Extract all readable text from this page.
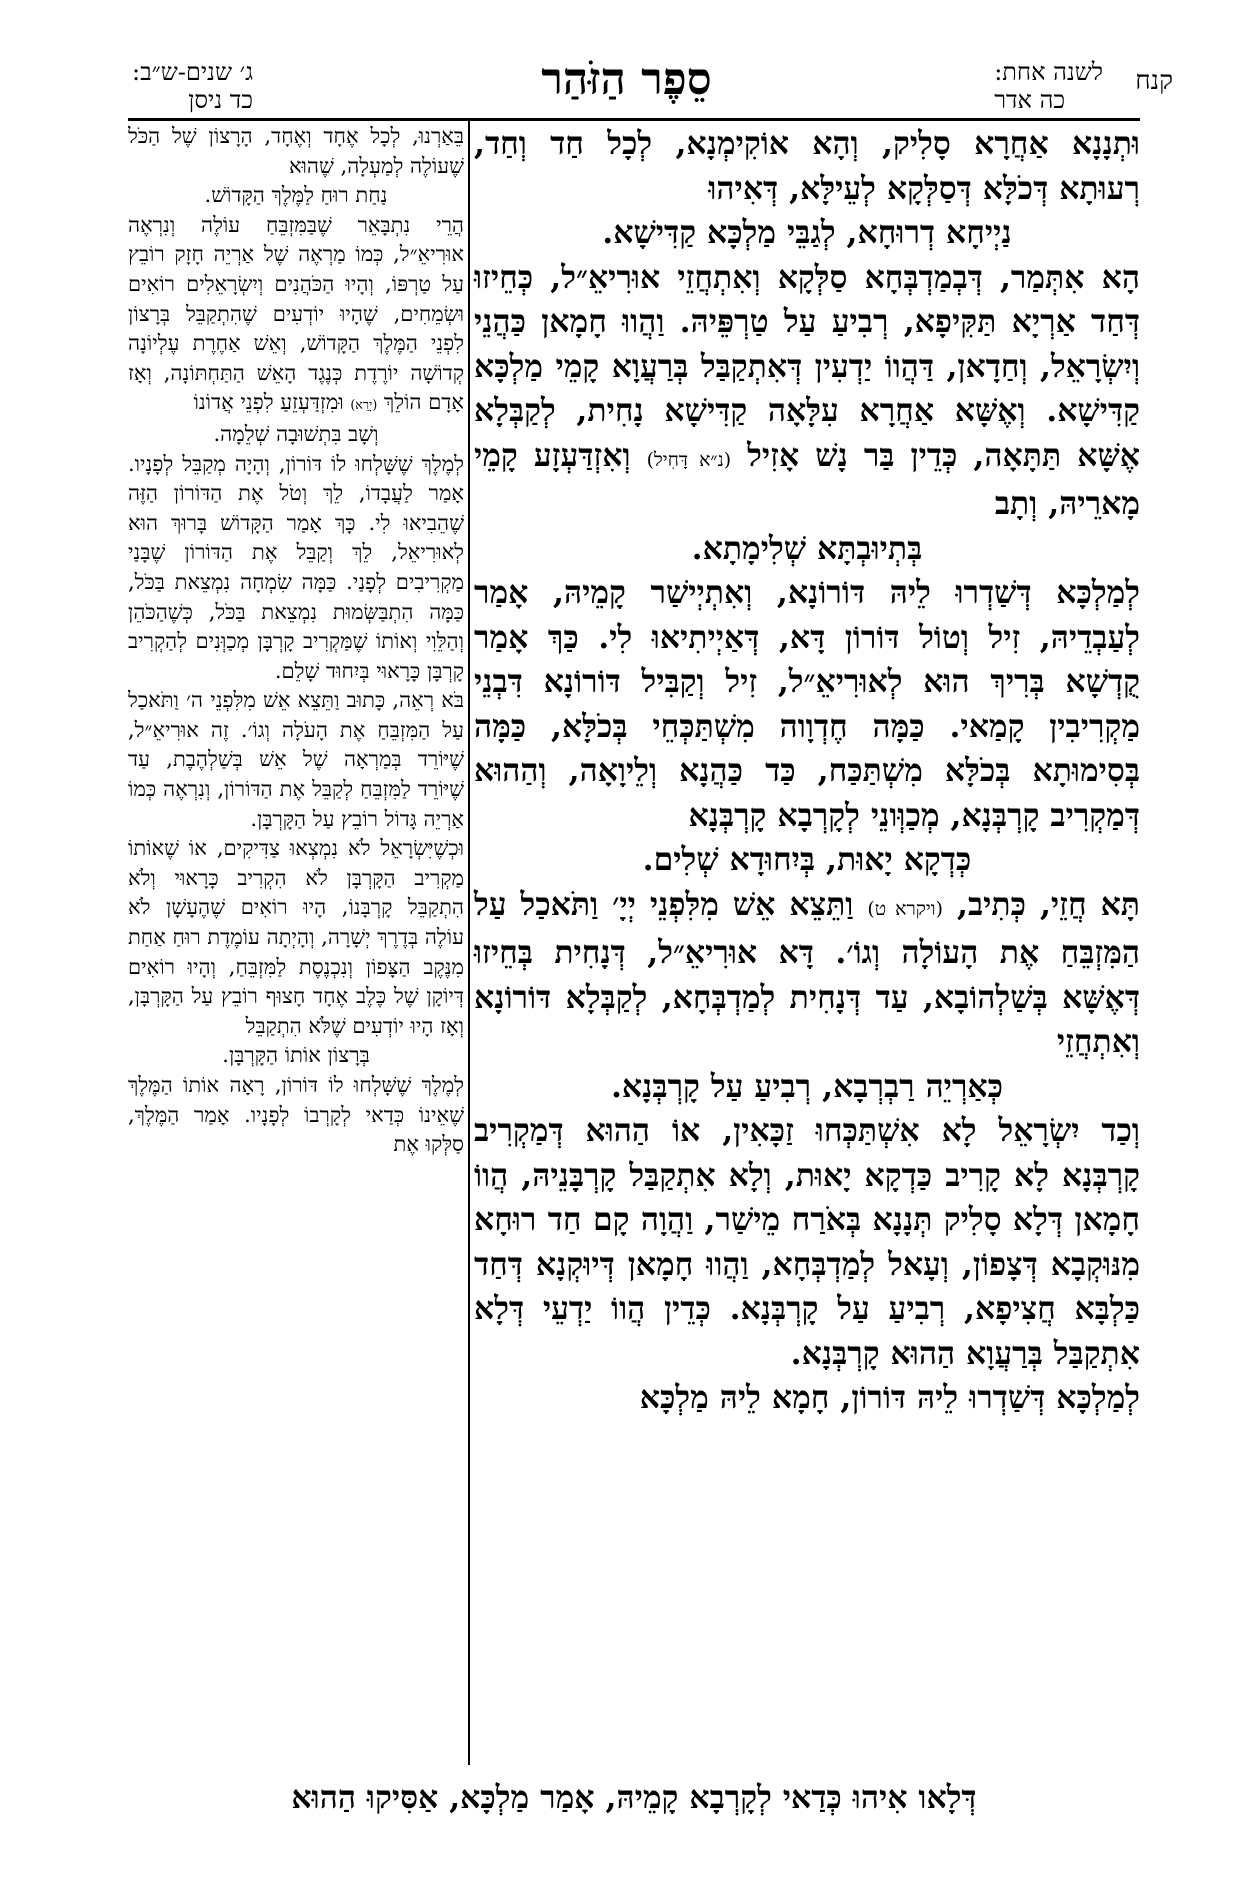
קנח
לשנה אחת:
כה אדר
סֵפֶר הַזֹּהַר
ג׳ שנים-ש״ב:
כד ניסן

וּתְנָנָא אַחֲרָא סָלִיק, וְהָא אוֹקִימְנָא, לְכָל חַד וְחַד, רְעוּתָא דְּכֹלָּא דְּסַלְּקָא לְעֵילָּא, דְּאִיהוּ

נַיְיחָא דְרוּחָא, לְגַבֵּי מַלְכָּא קַדִּישָׁא.

הָא אִתְּמַר, דְּבְמַדְבְּחָא סַלְּקָא וְאִתְחֲזֵי אוּרִיאֵ״ל, כְּחֵיזוּ דְּחַד אַרְיָא תַּקִּיפָא, רְבִיעַ עַל טַרְפֵּיהּ. וַהֲווּ חָמָאן כַּהֲנֵי וְיִשְׂרָאֵל, וְחַדָאן, דַּהֲווֹ יַדְעִין דְּאִתְקַבַּל בְּרַעֲוָא קָמֵי מַלְכָּא קַדִּישָׁא. וְאֶשָּׁא אַחֲרָא עִלָּאָה קַדִּישָׁא נָחִית, לְקַבְּלָא אֶשָּׁא תַּתָּאָה, כְּדֵין בַּר נָשׁ אָזִיל (נ״א דָּחִיל) וְאִזְדַּעְזָע קָמֵי מָארֵיהּ, וְתָב

בְּתְיוּבְתָּא שְׁלִימָתָא.

לְמַלְכָּא דְּשַׁדְרוּ לֵיהּ דּוֹרוֹנָא, וְאִתְיְישַׁר קָמֵיהּ, אָמַר לְעַבְדֵיהּ, זִיל וְטוֹל דּוֹרוֹן דָּא, דְּאַיְיתִיאוּ לִי. כַּךְ אָמַר קֻדְשָׁא בְּרִיךְ הוּא לְאוּרִיאֵ״ל, זִיל וְקַבִּיל דּוֹרוֹנָא דִּבְנֵי מַקְרִיבִין קָמַאי. כַּמָּה חֶדְוָוה מִשְׁתַּכְּחֵי בְּכֹלָּא, כַּמָּה בְּסִימוּתָא בְּכֹלָּא מִשְׁתַּכַּח, כַּד כַּהֲנָא וְלֵיוָאָה, וְהַהוּא דְּמַקְרִיב קָרְבְּנָא, מְכַוְּונֵי לְקָרְבָא קָרְבְּנָא

כְּדְקָא יָאוּת, בְּיִחוּדָא שְׁלִים.

תָּא חֲזֵי, כְּתִיב, (ויקרא ט) וַתֵּצֵא אֵשׁ מִלִּפְנֵי יְיָ׳ וַתֹּאכַל עַל הַמִּזְבֵּחַ אֶת הָעוֹלָה וְגוֹ׳. דָּא אוּרִיאֵ״ל, דְּנָחִית בְּחֵיזוּ דְּאֶשָּׁא בְּשַׁלְהוֹבָא, עַד דְּנָחִית לְמַדְבְּחָא, לְקַבְּלָא דּוֹרוֹנָא וְאִתְחֲזֵי

כְּאַרְיֵה רַבְרְבָא, רְבִיעַ עַל קָרְבְּנָא.

וְכַד יִשְׂרָאֵל לָא אִשְׁתַּכְּחוּ זַכָּאִין, אוֹ הַהוּא דְּמַקְרִיב קָרְבְּנָא לָא קָרִיב כַּדְקָא יָאוּת, וְלָא אִתְקַבַּל קָרְבָּנֵיהּ, הֲווֹ חָמָאן דְּלָא סָלִיק תְּנָנָא בְּאֹרַח מֵישַׁר, וַהֲוָה קָם חַד רוּחָא מִנּוּקְבָא דְּצָפוֹן, וְעָאל לְמַדְבְּחָא, וַהֲווּ חָמָאן דְּיוּקְנָא דְּחַד כַּלְבָּא חֲצִיפָא, רְבִיעַ עַל קָרְבְּנָא. כְּדֵין הֲווֹ יַדְעֵי דְּלָא אִתְקַבַּל בְּרַעֲוָא הַהוּא קָרְבְּנָא.

לְמַלְכָּא דְּשַׁדְרוּ לֵיהּ דּוֹרוֹן, חָמָא לֵיהּ מַלְכָּא

בֵּאַרְנוּ, לְכָל אֶחָד וְאֶחָד, הָרָצוֹן שֶׁל הַכֹּל שֶׁעוֹלֶה לְמַעְלָה, שֶׁהוּא

נַחַת רוּחַ לַמֶּלֶךְ הַקָּדוֹשׁ.

הֲרֵי נִתְבָּאֵר שֶׁבַּמִּזְבֵּחַ עוֹלֶה וְנִרְאֶה אוּרִיאֵ״ל, כְּמוֹ מַרְאֶה שֶׁל אַרְיֵה חָזָק רוֹבֵץ עַל טַרְפּוֹ, וְהָיוּ הַכֹּהֲנִים וְיִשְׂרָאֵלִים רוֹאִים וּשְׂמֵחִים, שֶׁהָיוּ יוֹדְעִים שֶׁהִתְקַבֵּל בְּרָצוֹן לִפְנֵי הַמֶּלֶךְ הַקָּדוֹשׁ, וְאֵשׁ אַחֶרֶת עֶלְיוֹנָה קְדוֹשָׁה יוֹרֶדֶת כְּנֶגֶד הָאֵשׁ הַתַּחְתּוֹנָה, וְאָז אָדָם הוֹלֵךְ (יָרֵא) וּמִזְדַּעְזֵעַ לִפְנֵי אֲדוֹנוֹ

וְשָׁב בִּתְשׁוּבָה שְׁלֵמָה.

לְמֶלֶךְ שֶׁשָּׁלְחוּ לוֹ דּוֹרוֹן, וְהָיָה מְקַבֵּל לְפָנָיו. אָמַר לַעֲבָדוֹ, לֵךְ וְטֹל אֶת הַדּוֹרוֹן הַזֶּה שֶׁהֵבִיאוּ לִי. כָּךְ אָמַר הַקָּדוֹשׁ בָּרוּךְ הוּא לְאוּרִיאֵל, לֵךְ וְקַבֵּל אֶת הַדּוֹרוֹן שֶׁבָּנַי מַקְרִיבִים לְפָנַי. כַּמָּה שִׂמְחָה נִמְצֵאת בַּכֹּל, כַּמָּה הִתְבַּשְּׂמוּת נִמְצֵאת בַּכֹּל, כְּשֶׁהַכֹּהֵן וְהַלֵּוִי וְאוֹתוֹ שֶׁמַּקְרִיב קָרְבָּן מְכַוְּנִים לְהַקְרִיב קָרְבָּן כָּרָאוּי בְּיִחוּד שָׁלֵם.

בֹּא רְאֵה, כָּתוּב וַתֵּצֵא אֵשׁ מִלִּפְנֵי ה׳ וַתֹּאכַל עַל הַמִּזְבֵּחַ אֶת הָעֹלָה וְגוֹ׳. זֶה אוּרִיאֵ״ל, שֶׁיּוֹרֵד בְּמַרְאָה שֶׁל אֵשׁ בְּשַׁלְהֶבֶת, עַד שֶׁיּוֹרֵד לַמִּזְבֵּחַ לְקַבֵּל אֶת הַדּוֹרוֹן, וְנִרְאֶה כְּמוֹ אַרְיֵה גָּדוֹל רוֹבֵץ עַל הַקָּרְבָּן.

וּכְשֶׁיִּשְׂרָאֵל לֹא נִמְצְאוּ צַדִּיקִים, אוֹ שֶׁאוֹתוֹ מַקְרִיב הַקָּרְבָּן לֹא הִקְרִיב כָּרָאוּי וְלֹא הִתְקַבֵּל קָרְבָּנוֹ, הָיוּ רוֹאִים שֶׁהֶעָשָׁן לֹא עוֹלֶה בְּדֶרֶךְ יְשָׁרָה, וְהָיְתָה עוֹמֶדֶת רוּחַ אַחַת מִנֶּקֶב הַצָּפוֹן וְנִכְנֶסֶת לַמִּזְבֵּחַ, וְהָיוּ רוֹאִים דְּיוֹקָן שֶׁל כֶּלֶב אֶחָד חָצוּף רוֹבֵץ עַל הַקָּרְבָּן, וְאָז הָיוּ יוֹדְעִים שֶׁלֹּא הִתְקַבֵּל

בְּרָצוֹן אוֹתוֹ הַקָּרְבָּן.

לְמֶלֶךְ שֶׁשָּׁלְחוּ לוֹ דּוֹרוֹן, רָאָה אוֹתוֹ הַמֶּלֶךְ שֶׁאֵינוֹ כְּדַאי לְקָרְבוֹ לְפָנָיו. אָמַר הַמֶּלֶךְ, סַלְּקוּ אֶת

דְּלָאו אִיהוּ כְּדַאי לְקָרְבָא קָמֵיהּ, אָמַר מַלְכָּא, אַסִּיקוּ הַהוּא
